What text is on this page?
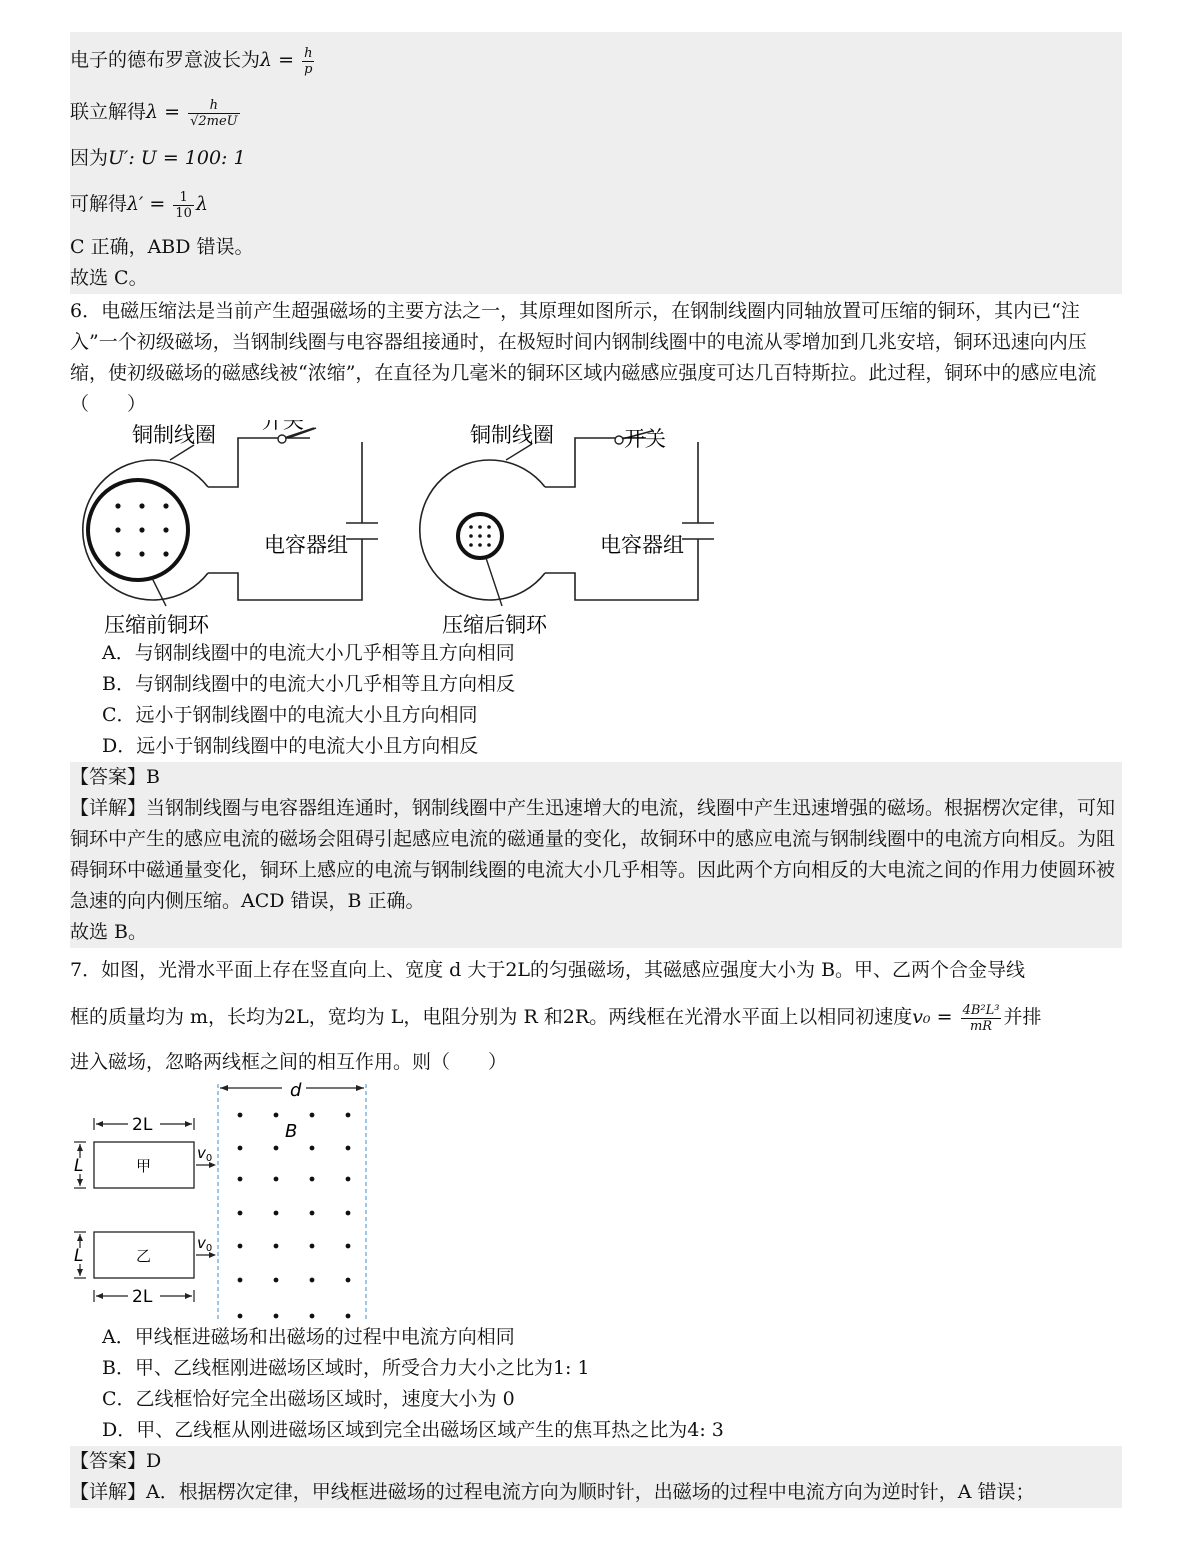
电子的德布罗意波长为$\lambda = \frac{h}{p}$
联立解得$\lambda = \frac{h}{\text{√2meU}}$
因为U′: U = 100: 1
可解得$\lambda' = \frac{1}{10}$ λ
C 正确，ABD 错误。
故选 C。
6．电磁压缩法是当前产生超强磁场的主要方法之一，其原理如图所示，在钢制线圈内同轴放置可压缩的铜环，其内已“注入”一个初级磁场，当钢制线圈与电容器组接通时，在极短时间内钢制线圈中的电流从零增加到几兆安培，铜环迅速向内压缩，使初级磁场的磁感线被“浓缩”，在直径为几毫米的铜环区域内磁感应强度可达几百特斯拉。此过程，铜环中的感应电流（　　）
铜制线圈
开关
电容器组
压缩前铜环
铜制线圈	开关
电容器组
压缩后铜环
A．与钢制线圈中的电流大小几乎相等且方向相同
B．与钢制线圈中的电流大小几乎相等且方向相反
C．远小于钢制线圈中的电流大小且方向相同
D．远小于钢制线圈中的电流大小且方向相反
【答案】B
【详解】当钢制线圈与电容器组连通时，钢制线圈中产生迅速增大的电流，线圈中产生迅速增强的磁场。根据楞次定律，可知铜环中产生的感应电流的磁场会阻碍引起感应电流的磁通量的变化，故铜环中的感应电流与钢制线圈中的电流方向相反。为阻碍铜环中磁通量变化，铜环上感应的电流与钢制线圈的电流大小几乎相等。因此两个方向相反的大电流之间的作用力使圆环被急速的向内侧压缩。ACD 错误，B 正确。
故选 B。
7．如图，光滑水平面上存在竖直向上、宽度 d 大于2L的匀强磁场，其磁感应强度大小为 B。甲、乙两个合金导线
框的质量均为 m，长均为2L，宽均为 L，电阻分别为 R 和2R。两线框在光滑水平面上以相同初速度$v_0 = \frac{\text{4B²L³}}{mR}$ 并排
进入磁场，忽略两线框之间的相互作用。则（　　）
d
B
2L
甲
$v_0$
L
乙
$v_0$
L
2L
A．甲线框进磁场和出磁场的过程中电流方向相同
B．甲、乙线框刚进磁场区域时，所受合力大小之比为1: 1
C．乙线框恰好完全出磁场区域时，速度大小为 0
D．甲、乙线框从刚进磁场区域到完全出磁场区域产生的焦耳热之比为4: 3
【答案】D
【详解】A．根据楞次定律，甲线框进磁场的过程电流方向为顺时针，出磁场的过程中电流方向为逆时针，A 错误；
